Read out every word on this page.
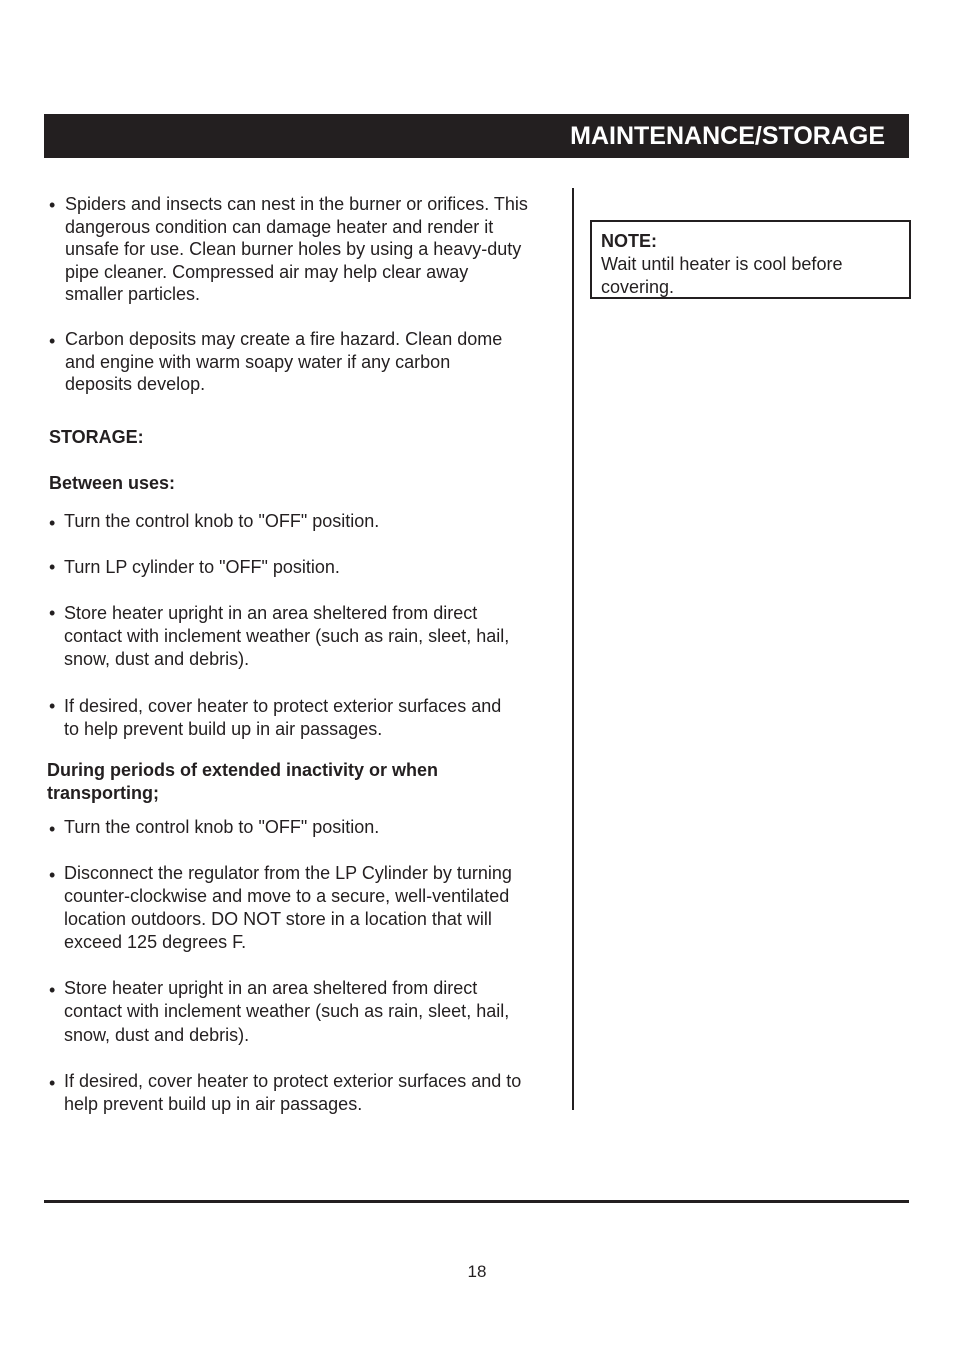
MAINTENANCE/STORAGE
• Spiders and insects can nest in the burner or orifices. This
dangerous condition can damage heater and render it
unsafe for use. Clean burner holes by using a heavy-duty
pipe cleaner. Compressed air may help clear away
smaller particles.
• Carbon deposits may create a fire hazard. Clean dome
and engine with warm soapy water if any carbon
deposits develop.
STORAGE:
Between uses:
• Turn the control knob to "OFF" position.
• Turn LP cylinder to "OFF" position.
• Store heater upright in an area sheltered from direct
contact with inclement weather (such as rain, sleet, hail,
snow, dust and debris).
• If desired, cover heater to protect exterior surfaces and
to help prevent build up in air passages.
During periods of extended inactivity or when
transporting;
• Turn the control knob to "OFF" position.
• Disconnect the regulator from the LP Cylinder by turning
counter-clockwise and move to a secure, well-ventilated
location outdoors. DO NOT store in a location that will
exceed 125 degrees F.
• Store heater upright in an area sheltered from direct
contact with inclement weather (such as rain, sleet, hail,
snow, dust and debris).
• If desired, cover heater to protect exterior surfaces and to
help prevent build up in air passages.
NOTE:
Wait until heater is cool before
covering.
18
